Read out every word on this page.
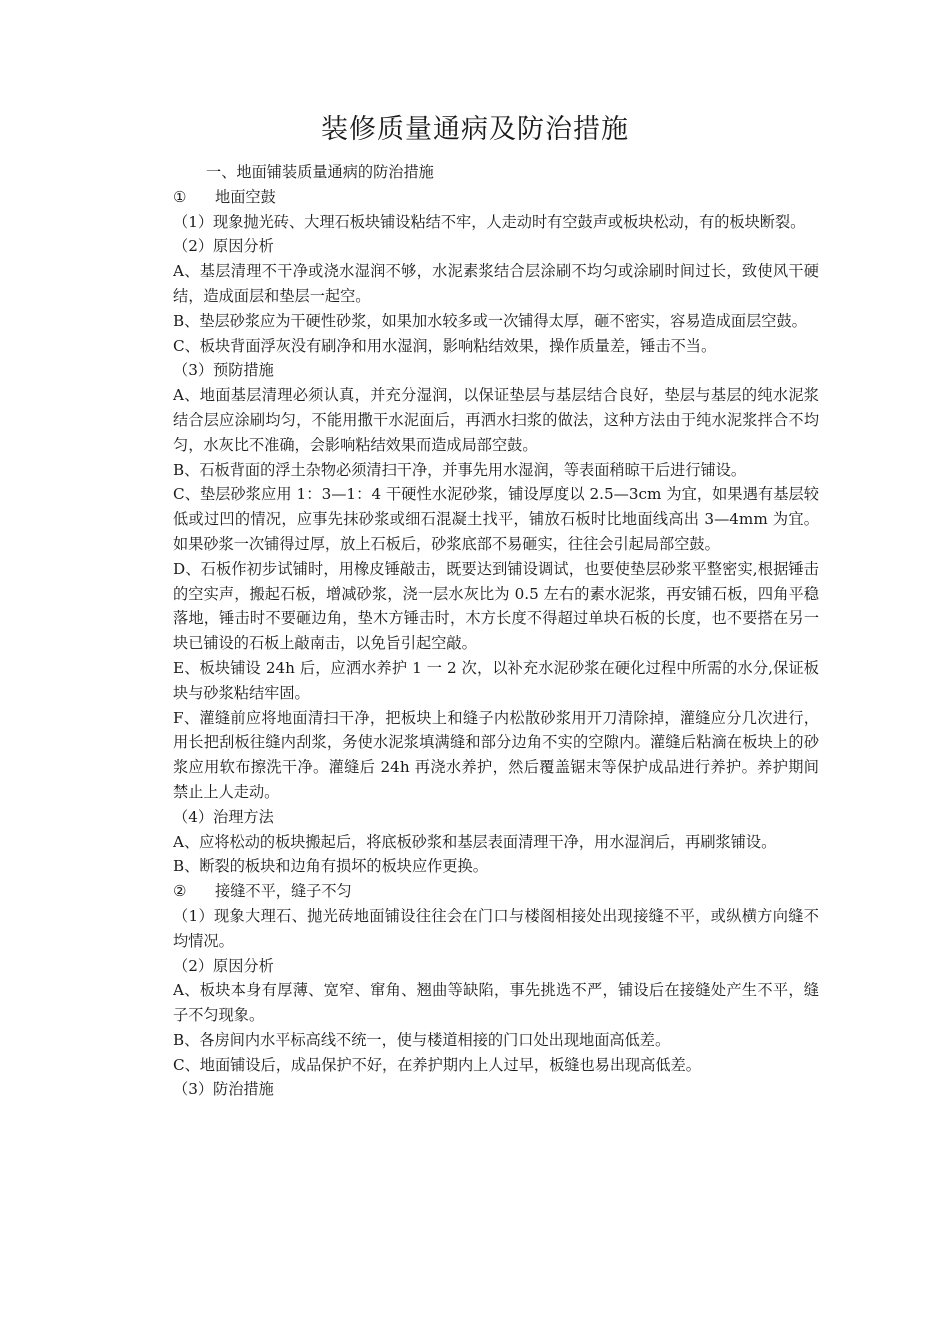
装修质量通病及防治措施

一、地面铺装质量通病的防治措施

① 地面空鼓

（1）现象抛光砖、大理石板块铺设粘结不牢，人走动时有空鼓声或板块松动，有的板块断裂。

（2）原因分析

A、基层清理不干净或浇水湿润不够，水泥素浆结合层涂刷不均匀或涂刷时间过长，致使风干硬结，造成面层和垫层一起空。

B、垫层砂浆应为干硬性砂浆，如果加水较多或一次铺得太厚，砸不密实，容易造成面层空鼓。

C、板块背面浮灰没有刷净和用水湿润，影响粘结效果，操作质量差，锤击不当。

（3）预防措施

A、地面基层清理必须认真，并充分湿润，以保证垫层与基层结合良好，垫层与基层的纯水泥浆结合层应涂刷均匀，不能用撒干水泥面后，再洒水扫浆的做法，这种方法由于纯水泥浆拌合不均匀，水灰比不准确，会影响粘结效果而造成局部空鼓。

B、石板背面的浮土杂物必须清扫干净，并事先用水湿润，等表面稍晾干后进行铺设。

C、垫层砂浆应用 1：3—1：4 干硬性水泥砂浆，铺设厚度以 2.5—3cm 为宜，如果遇有基层较低或过凹的情况，应事先抹砂浆或细石混凝土找平，铺放石板时比地面线高出 3—4mm 为宜。如果砂浆一次铺得过厚，放上石板后，砂浆底部不易砸实，往往会引起局部空鼓。

D、石板作初步试铺时，用橡皮锤敲击，既要达到铺设调试，也要使垫层砂浆平整密实,根据锤击的空实声，搬起石板，增减砂浆，浇一层水灰比为 0.5 左右的素水泥浆，再安铺石板，四角平稳落地，锤击时不要砸边角，垫木方锤击时，木方长度不得超过单块石板的长度，也不要搭在另一块已铺设的石板上敲南击，以免旨引起空敲。

E、板块铺设 24h 后，应洒水养护 1 一 2 次，以补充水泥砂浆在硬化过程中所需的水分,保证板块与砂浆粘结牢固。

F、灌缝前应将地面清扫干净，把板块上和缝子内松散砂浆用开刀清除掉，灌缝应分几次进行，用长把刮板往缝内刮浆，务使水泥浆填满缝和部分边角不实的空隙内。灌缝后粘滴在板块上的砂浆应用软布擦洗干净。灌缝后 24h 再浇水养护，然后覆盖锯末等保护成品进行养护。养护期间禁止上人走动。

（4）治理方法

A、应将松动的板块搬起后，将底板砂浆和基层表面清理干净，用水湿润后，再刷浆铺设。

B、断裂的板块和边角有损坏的板块应作更换。

② 接缝不平，缝子不匀

（1）现象大理石、抛光砖地面铺设往往会在门口与楼阁相接处出现接缝不平，或纵横方向缝不均情况。

（2）原因分析

A、板块本身有厚薄、宽窄、窜角、翘曲等缺陷，事先挑选不严，铺设后在接缝处产生不平，缝子不匀现象。

B、各房间内水平标高线不统一，使与楼道相接的门口处出现地面高低差。

C、地面铺设后，成品保护不好，在养护期内上人过早，板缝也易出现高低差。

（3）防治措施
